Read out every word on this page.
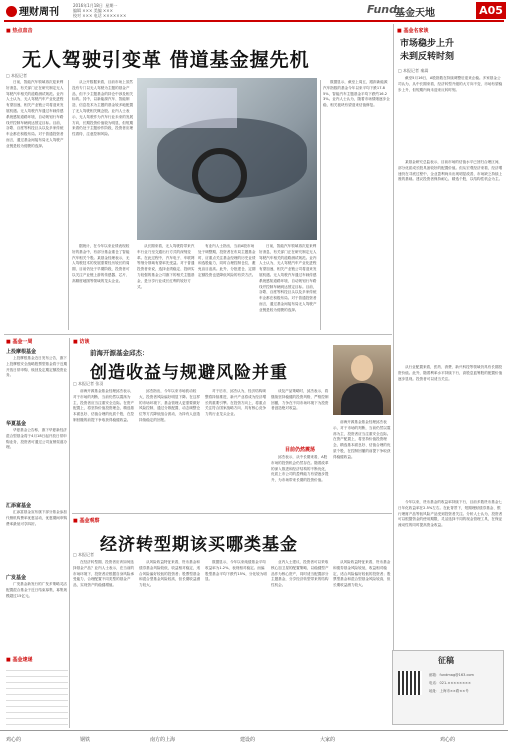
理财周刊
2016年1月18日  星期一
编辑 ××× 美编 ×××
校对 ××× 电话 ×××××××	Fund
基金天地	A05
■ 热点直击
无人驾驶引变革 借道基金握先机
□ 本报记者
日前，智能汽车领域再次迎来利好消息，有关部门正在研究制定无人驾驶汽车相关的道路测试规范。业内人士认为，无人驾驶汽车产业化进程有望加速，相关产业链公司将迎来发展机遇。无人驾驶汽车通过车载传感系统感知道路环境，自动规划行车路线并控制车辆到达预定目标。目前，谷歌、百度等科技巨头以及多家传统车企都在积极布局。对于普通投资者而言，通过基金间接布局无人驾驶产业链是较为便捷的选择。
从公开数据来看，目前市场上虽然没有专门以无人驾驶为主题的基金产品，但不少主题基金的持仓中涉及相关标的。其中，以新能源汽车、智能制造、信息技术为主题的基金较多地配置了无人驾驶相关概念股。业内人士表示，无人驾驶作为汽车行业未来的发展方向，长期投资价值较为明显，但短期来看仍处于主题炒作阶段，投资者应理性看待，注意控制风险。
数据显示，截至上周五，跟踪新能源汽车指数的基金今年以来平均下跌17.85%，智能汽车主题基金平均下跌约16.23%。业内人士认为，随着市场情绪逐步企稳，相关板块有望迎来估值修复。
据统计，在今年以来业绩表现较好的基金中，有部分基金重仓了智能汽车相关个股。某基金经理表示，无人驾驶技术的发展需要经历较长的周期，目前仍处于早期阶段，投资者可以关注产业链上游的传感器、芯片、高精度地图等领域的龙头企业。
从长期来看，无人驾驶将带来汽车行业乃至交通出行方式的深刻变革。在此过程中，汽车电子、车联网等细分领域有望率先受益。对于普通投资者来说，选择业绩稳定、投研实力较强的基金公司旗下的相关主题基金，是分享行业成长红利的较好方式。
有业内人士指出，当前A股市场处于调整期，投资者在布局主题基金时，应重点关注基金经理的历史业绩和选股能力，同时合理控制仓位，避免盲目追高。此外，分批建仓、定期定额投资也是降低风险的有效方法。
日前，智能汽车领域再次迎来利好消息，有关部门正在研究制定无人驾驶汽车相关的道路测试规范。业内人士认为，无人驾驶汽车产业化进程有望加速，相关产业链公司将迎来发展机遇。无人驾驶汽车通过车载传感系统感知道路环境，自动规划行车路线并控制车辆到达预定目标。目前，谷歌、百度等科技巨头以及多家传统车企都在积极布局。对于普通投资者而言，通过基金间接布局无人驾驶产业链是较为便捷的选择。
■ 基金名家谈
市场稳步上升
未到反转时刻
□ 本报记者 秦嵩
截至5月16日，A股指数在持续调整后迎来企稳。多家基金公司认为，从中长期来看，经济转型升级的大方向不变，市场有望稳步上升，但短期内尚未迎来反转时刻。
某基金研究总监表示，目前市场的估值水平已回归合理区间，部分优质成长股具备较好的配置价值。但从宏观经济来看，经济增速仍在寻底过程中，企业盈利尚未出现明显改善，市场缺乏持续上涨的基础。建议投资者保持耐心，精选个股，以结构性机会为主。
从行业配置来看，医药、消费、新兴科技等领域仍具有长期投资价值。此外，随着利率水平持续下行，高股息蓝筹股的配置价值逐步显现。投资者可以适当关注。
今年以来，货币基金的收益率持续下行，目前多数货币基金七日年化收益率在2.5%左右。在此背景下，短期理财债券基金、银行理财产品等低风险产品受到投资者关注。分析人士认为，投资者可以根据资金的使用期限，灵活选择不同的现金管理工具，在保证流动性的同时提高资金收益。
征稿
邮箱：fundmag@163.com
电话：021-××××××××
地址：上海市××路××号
■ 基金一周
上投摩根基金
上投摩根基金近日发布公告，旗下上投摩根安全战略股票型基金将于近期开放日常申购、赎回及定期定额投资业务。
华夏基金
华夏基金公告称，旗下华夏新经济混合型基金将于4月18日起开放日常申购业务，投资者可通过公司直销渠道办理。
汇添富基金
汇添富基金宣布旗下部分基金参加代销机构费率优惠活动，优惠期间申购费率最低可享四折。
广发基金
广发基金新发行的广发多策略灵活配置混合基金于近日结束募集，募集规模超过15亿元。
■ 基金速递
■ 访谈
前海开源基金邱杰：
创造收益与规避风险并重
□ 本报记者 张羽
前海开源基金基金经理邱杰表示，对于市场的判断，当前仍然以震荡为主，投资者应当注重安全边际。在资产配置上，将坚持价值投资理念，精选基本面良好、估值合理的优质个股，在控制回撤的前提下争取获得稳健收益。
邱杰指出，今年以来市场波动较大，投资者风险偏好明显下降。在这样的市场环境下，基金管理人更需要做好风险控制，通过分散配置、动态调整仓位等方式降低组合波动，为持有人创造持续稳定的回报。
对于后市，邱杰认为，经济结构调整将持续推进，新兴产业将成为经济增长的重要引擎。在投资方向上，将重点关注符合国家战略方向、具有核心竞争力的行业龙头企业。
谈及产品策略时，邱杰表示，将继续坚持稳健的投资风格，严格控制回撤，力争在不同市场环境下为投资者创造绝对收益。
目前仍然震荡
邱杰表示，从中长期来看，A股市场的投资机会仍然存在。随着改革的深入推进和经济结构的不断优化，优质上市公司的盈利能力有望逐步提升，为市场带来长期的投资价值。
前海开源基金基金经理邱杰表示，对于市场的判断，当前仍然以震荡为主，投资者应当注重安全边际。在资产配置上，将坚持价值投资理念，精选基本面良好、估值合理的优质个股，在控制回撤的前提下争取获得稳健收益。
■ 基金观察
经济转型期该买哪类基金
□ 本报记者
在经济转型期，投资者应该如何选择基金产品？业内人士表示，在当前的市场环境下，投资者应根据自身风险承受能力，合理配置不同类型的基金产品，实现资产的稳健增值。
从风险收益特征来看，货币基金和债券基金风险较低，收益相对稳定，适合风险偏好较低的投资者；股票型基金和混合型基金风险较高，但长期收益潜力较大。
数据显示，今年以来纯债基金平均收益率为1.2%，表现相对稳定。而偏股型基金平均下跌约15%，分化较为明显。
业内人士建议，投资者可以采取核心加卫星的配置策略，以稳健型产品作为核心资产，同时适当配置部分主题基金，分享经济转型带来的结构性机会。
从风险收益特征来看，货币基金和债券基金风险较低，收益相对稳定，适合风险偏好较低的投资者；股票型基金和混合型基金风险较高，但长期收益潜力较大。
鸡心的	钢铁	南方的上海	建设的	大家的	鸡心的
